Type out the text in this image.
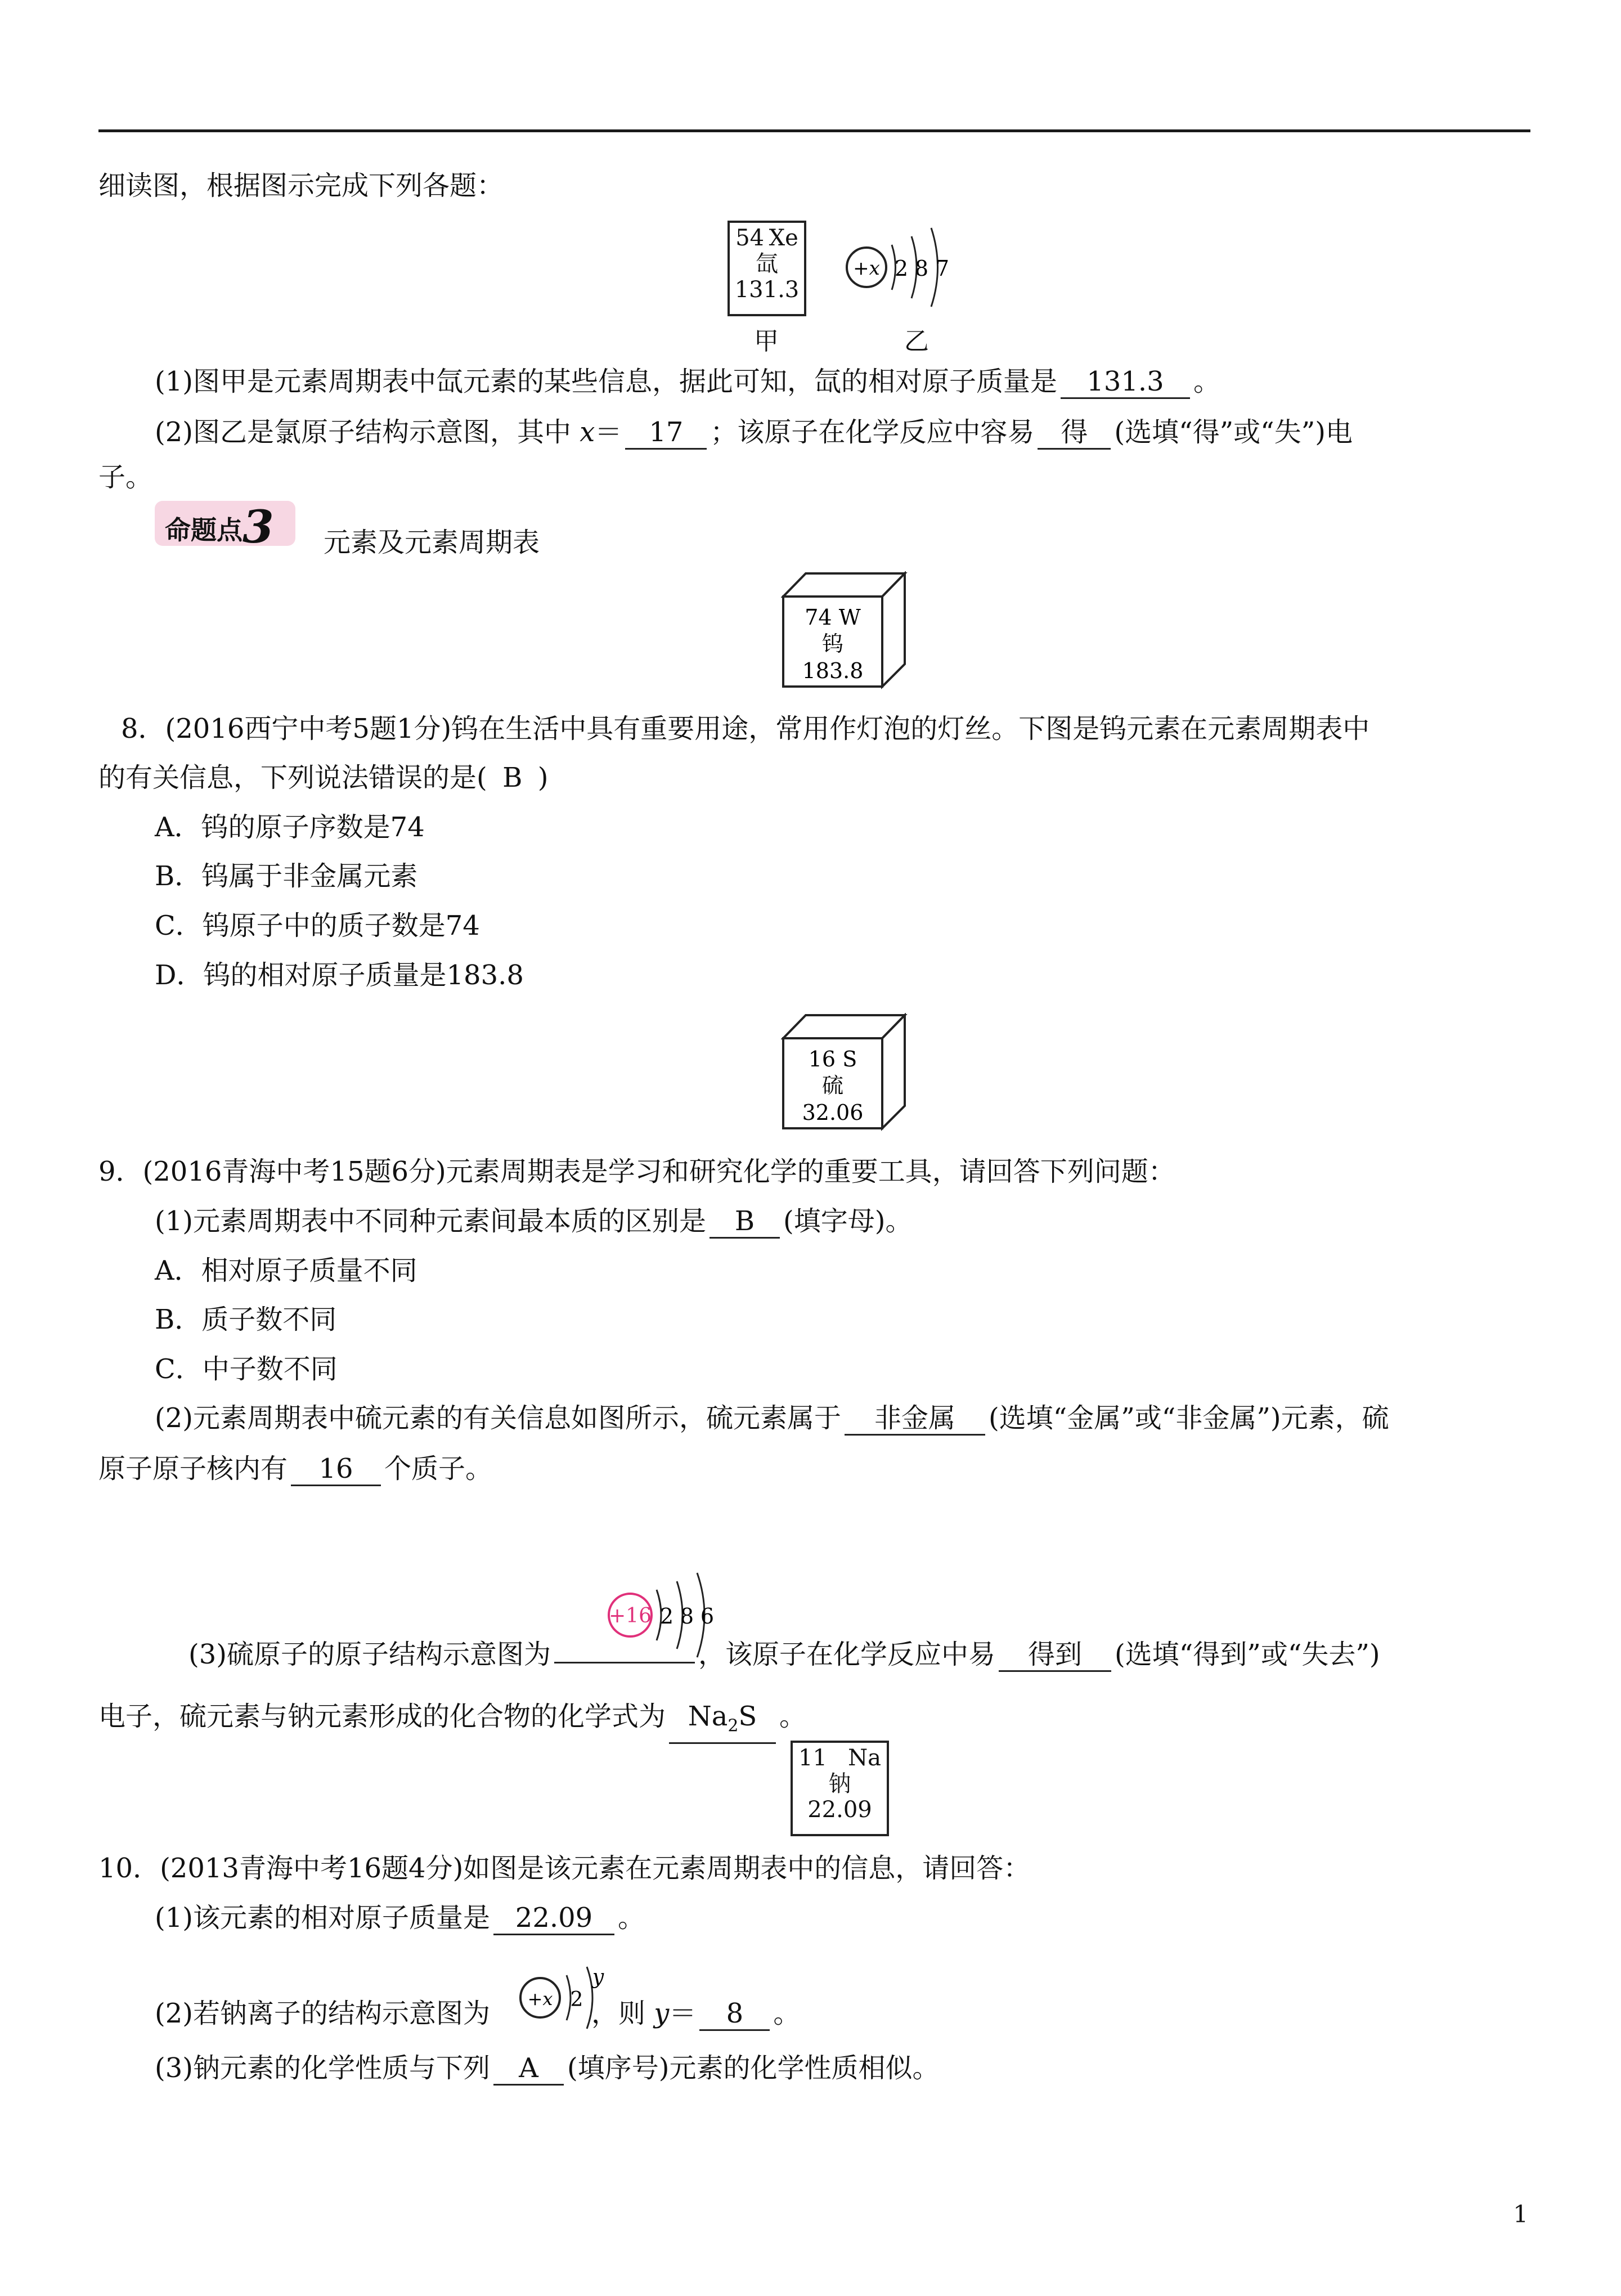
细读图，根据图示完成下列各题：
54 Xe
氙
131.3
甲
+x 2 8 7
乙
(1)图甲是元素周期表中氙元素的某些信息，据此可知，氙的相对原子质量是 131.3 。
(2)图乙是氯原子结构示意图，其中 x＝ 17 ；该原子在化学反应中容易 得 (选填“得”或“失”)电
子。
命题点3	元素及元素周期表
74 W
钨
183.8
8．(2016西宁中考5题1分)钨在生活中具有重要用途，常用作灯泡的灯丝。下图是钨元素在元素周期表中
的有关信息，下列说法错误的是( B )
A．钨的原子序数是74
B．钨属于非金属元素
C．钨原子中的质子数是74
D．钨的相对原子质量是183.8
16 S
硫
32.06
9．(2016青海中考15题6分)元素周期表是学习和研究化学的重要工具，请回答下列问题：
(1)元素周期表中不同种元素间最本质的区别是 B (填字母)。
A．相对原子质量不同
B．质子数不同
C．中子数不同
(2)元素周期表中硫元素的有关信息如图所示，硫元素属于 非金属 (选填“金属”或“非金属”)元素，硫
原子原子核内有 16 个质子。
+16 2 8 6
(3)硫原子的原子结构示意图为	，该原子在化学反应中易 得到 (选填“得到”或“失去”)
电子，硫元素与钠元素形成的化合物的化学式为 $Na_2S$ 。
11 Na
钠
22.09
10．(2013青海中考16题4分)如图是该元素在元素周期表中的信息，请回答：
(1)该元素的相对原子质量是 22.09 。
+x 2
y
(2)若钠离子的结构示意图为	，则 y＝ 8 。
(3)钠元素的化学性质与下列 A (填序号)元素的化学性质相似。
1
